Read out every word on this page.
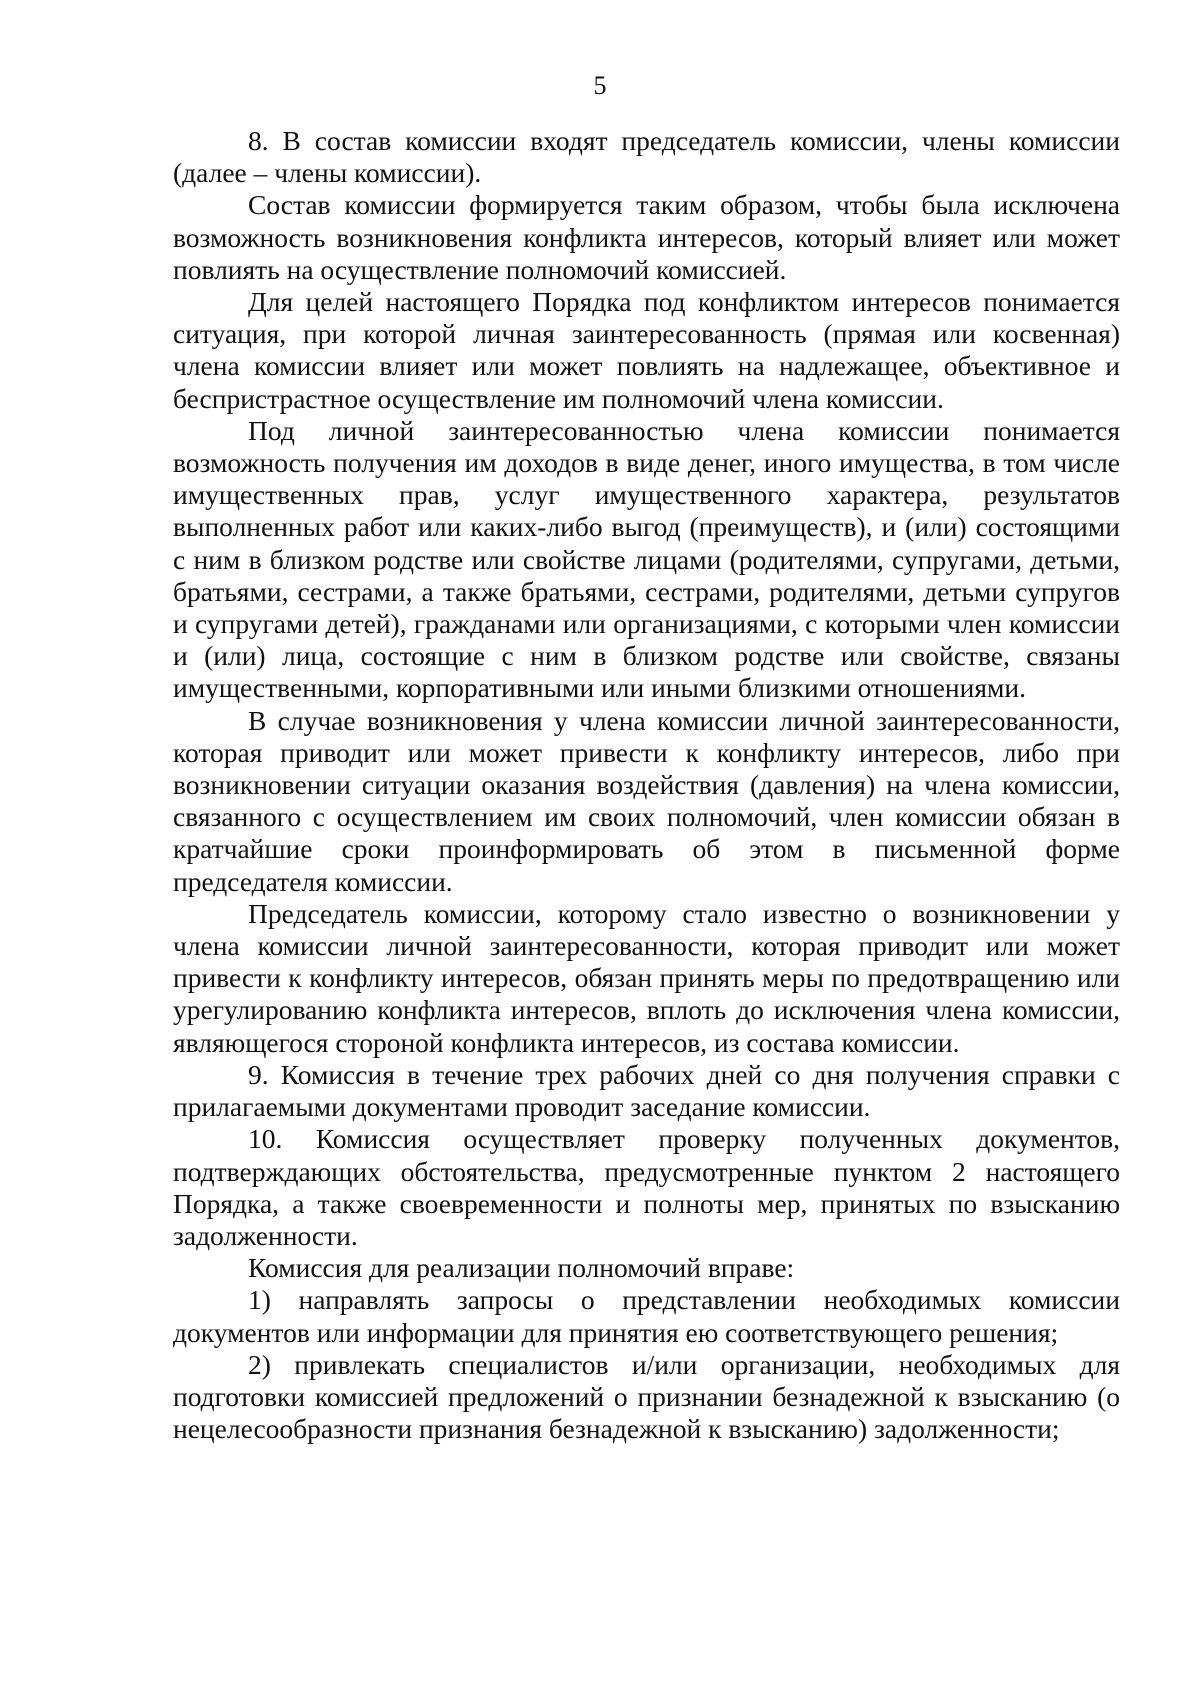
5

8. В состав комиссии входят председатель комиссии, члены комиссии (далее – члены комиссии).

Состав комиссии формируется таким образом, чтобы была исключена возможность возникновения конфликта интересов, который влияет или может повлиять на осуществление полномочий комиссией.

Для целей настоящего Порядка под конфликтом интересов понимается ситуация, при которой личная заинтересованность (прямая или косвенная) члена комиссии влияет или может повлиять на надлежащее, объективное и беспристрастное осуществление им полномочий члена комиссии.

Под личной заинтересованностью члена комиссии понимается возможность получения им доходов в виде денег, иного имущества, в том числе имущественных прав, услуг имущественного характера, результатов выполненных работ или каких-либо выгод (преимуществ), и (или) состоящими с ним в близком родстве или свойстве лицами (родителями, супругами, детьми, братьями, сестрами, а также братьями, сестрами, родителями, детьми супругов и супругами детей), гражданами или организациями, с которыми член комиссии и (или) лица, состоящие с ним в близком родстве или свойстве, связаны имущественными, корпоративными или иными близкими отношениями.

В случае возникновения у члена комиссии личной заинтересованности, которая приводит или может привести к конфликту интересов, либо при возникновении ситуации оказания воздействия (давления) на члена комиссии, связанного с осуществлением им своих полномочий, член комиссии обязан в кратчайшие сроки проинформировать об этом в письменной форме председателя комиссии.

Председатель комиссии, которому стало известно о возникновении у члена комиссии личной заинтересованности, которая приводит или может привести к конфликту интересов, обязан принять меры по предотвращению или урегулированию конфликта интересов, вплоть до исключения члена комиссии, являющегося стороной конфликта интересов, из состава комиссии.

9. Комиссия в течение трех рабочих дней со дня получения справки с прилагаемыми документами проводит заседание комиссии.

10. Комиссия осуществляет проверку полученных документов, подтверждающих обстоятельства, предусмотренные пунктом 2 настоящего Порядка, а также своевременности и полноты мер, принятых по взысканию задолженности.

Комиссия для реализации полномочий вправе:

1) направлять запросы о представлении необходимых комиссии документов или информации для принятия ею соответствующего решения;

2) привлекать специалистов и/или организации, необходимых для подготовки комиссией предложений о признании безнадежной к взысканию (о нецелесообразности признания безнадежной к взысканию) задолженности;
